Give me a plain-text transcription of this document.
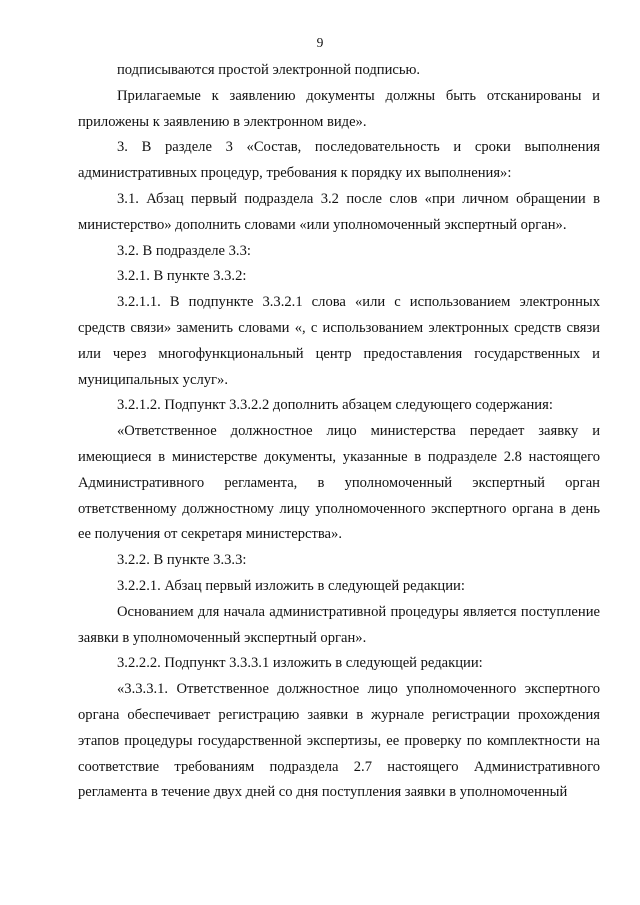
9

подписываются простой электронной подписью.

Прилагаемые к заявлению документы должны быть отсканированы и приложены к заявлению в электронном виде».

3. В разделе 3 «Состав, последовательность и сроки выполнения административных процедур, требования к порядку их выполнения»:

3.1. Абзац первый подраздела 3.2 после слов «при личном обращении в министерство» дополнить словами «или уполномоченный экспертный орган».

3.2. В подразделе 3.3:

3.2.1. В пункте 3.3.2:

3.2.1.1. В подпункте 3.3.2.1 слова «или с использованием электронных средств связи» заменить словами «, с использованием электронных средств связи или через многофункциональный центр предоставления государственных и муниципальных услуг».

3.2.1.2. Подпункт 3.3.2.2 дополнить абзацем следующего содержания:

«Ответственное должностное лицо министерства передает заявку и имеющиеся в министерстве документы, указанные в подразделе 2.8 настоящего Административного регламента, в уполномоченный экспертный орган ответственному должностному лицу уполномоченного экспертного органа в день ее получения от секретаря министерства».

3.2.2. В пункте 3.3.3:

3.2.2.1. Абзац первый изложить в следующей редакции:

Основанием для начала административной процедуры является поступление заявки в уполномоченный экспертный орган».

3.2.2.2. Подпункт 3.3.3.1 изложить в следующей редакции:

«3.3.3.1. Ответственное должностное лицо уполномоченного экспертного органа обеспечивает регистрацию заявки в журнале регистрации прохождения этапов процедуры государственной экспертизы, ее проверку по комплектности на соответствие требованиям подраздела 2.7 настоящего Административного регламента в течение двух дней со дня поступления заявки в уполномоченный
